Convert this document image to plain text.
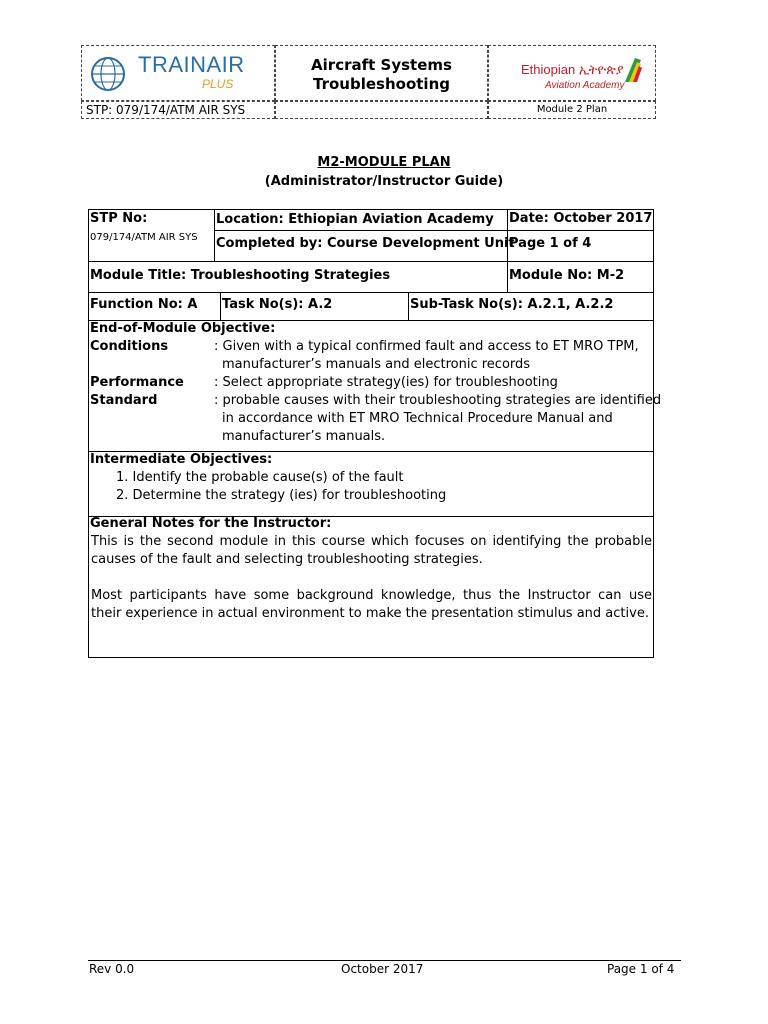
TRAINAIR
PLUS
Aircraft Systems
Troubleshooting
Ethiopian ኢትዮጵያ
Aviation Academy
STP: 079/174/ATM AIR SYS	Module 2 Plan
M2-MODULE PLAN
(Administrator/Instructor Guide)
STP No:
079/174/ATM AIR SYS
Location: Ethiopian Aviation Academy Date: October 2017
Completed by: Course Development Unit
Page 1 of 4
Module Title: Troubleshooting Strategies	Module No: M-2
Function No: A Task No(s): A.2	Sub-Task No(s): A.2.1, A.2.2
End-of-Module Objective:
Conditions	: Given with a typical confirmed fault and access to ET MRO TPM,
manufacturer’s manuals and electronic records
Performance : Select appropriate strategy(ies) for troubleshooting
Standard	: probable causes with their troubleshooting strategies are identified
in accordance with ET MRO Technical Procedure Manual and
manufacturer’s manuals.
Intermediate Objectives:
1. Identify the probable cause(s) of the fault
2. Determine the strategy (ies) for troubleshooting
General Notes for the Instructor:
This is the second module in this course which focuses on identifying the probable causes of the fault and selecting troubleshooting strategies.
Most participants have some background knowledge, thus the Instructor can use their experience in actual environment to make the presentation stimulus and active.
Rev 0.0	October 2017	Page 1 of 4
